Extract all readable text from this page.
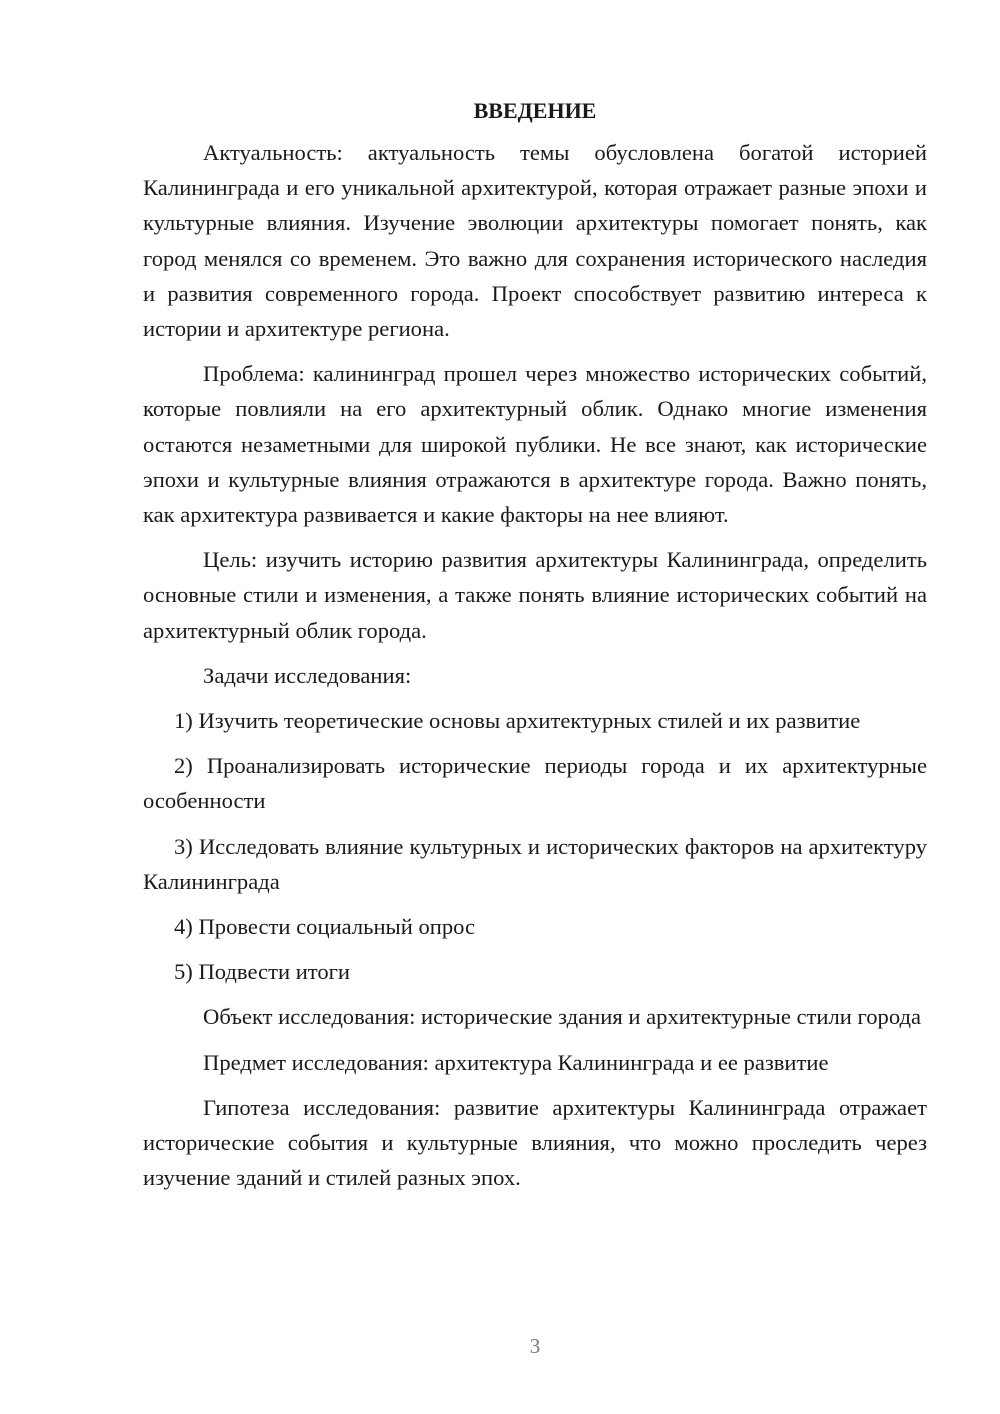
ВВЕДЕНИЕ

Актуальность: актуальность темы обусловлена богатой историей Калининграда и его уникальной архитектурой, которая отражает разные эпохи и культурные влияния. Изучение эволюции архитектуры помогает понять, как город менялся со временем. Это важно для сохранения исторического наследия и развития современного города. Проект способствует развитию интереса к истории и архитектуре региона.

Проблема: калининград прошел через множество исторических событий, которые повлияли на его архитектурный облик. Однако многие изменения остаются незаметными для широкой публики. Не все знают, как исторические эпохи и культурные влияния отражаются в архитектуре города. Важно понять, как архитектура развивается и какие факторы на нее влияют.

Цель: изучить историю развития архитектуры Калининграда, определить основные стили и изменения, а также понять влияние исторических событий на архитектурный облик города.

Задачи исследования:

1) Изучить теоретические основы архитектурных стилей и их развитие

2) Проанализировать исторические периоды города и их архитектурные особенности

3) Исследовать влияние культурных и исторических факторов на архитектуру Калининграда

4) Провести социальный опрос

5) Подвести итоги

Объект исследования: исторические здания и архитектурные стили города

Предмет исследования: архитектура Калининграда и ее развитие

Гипотеза исследования: развитие архитектуры Калининграда отражает исторические события и культурные влияния, что можно проследить через изучение зданий и стилей разных эпох.

3
